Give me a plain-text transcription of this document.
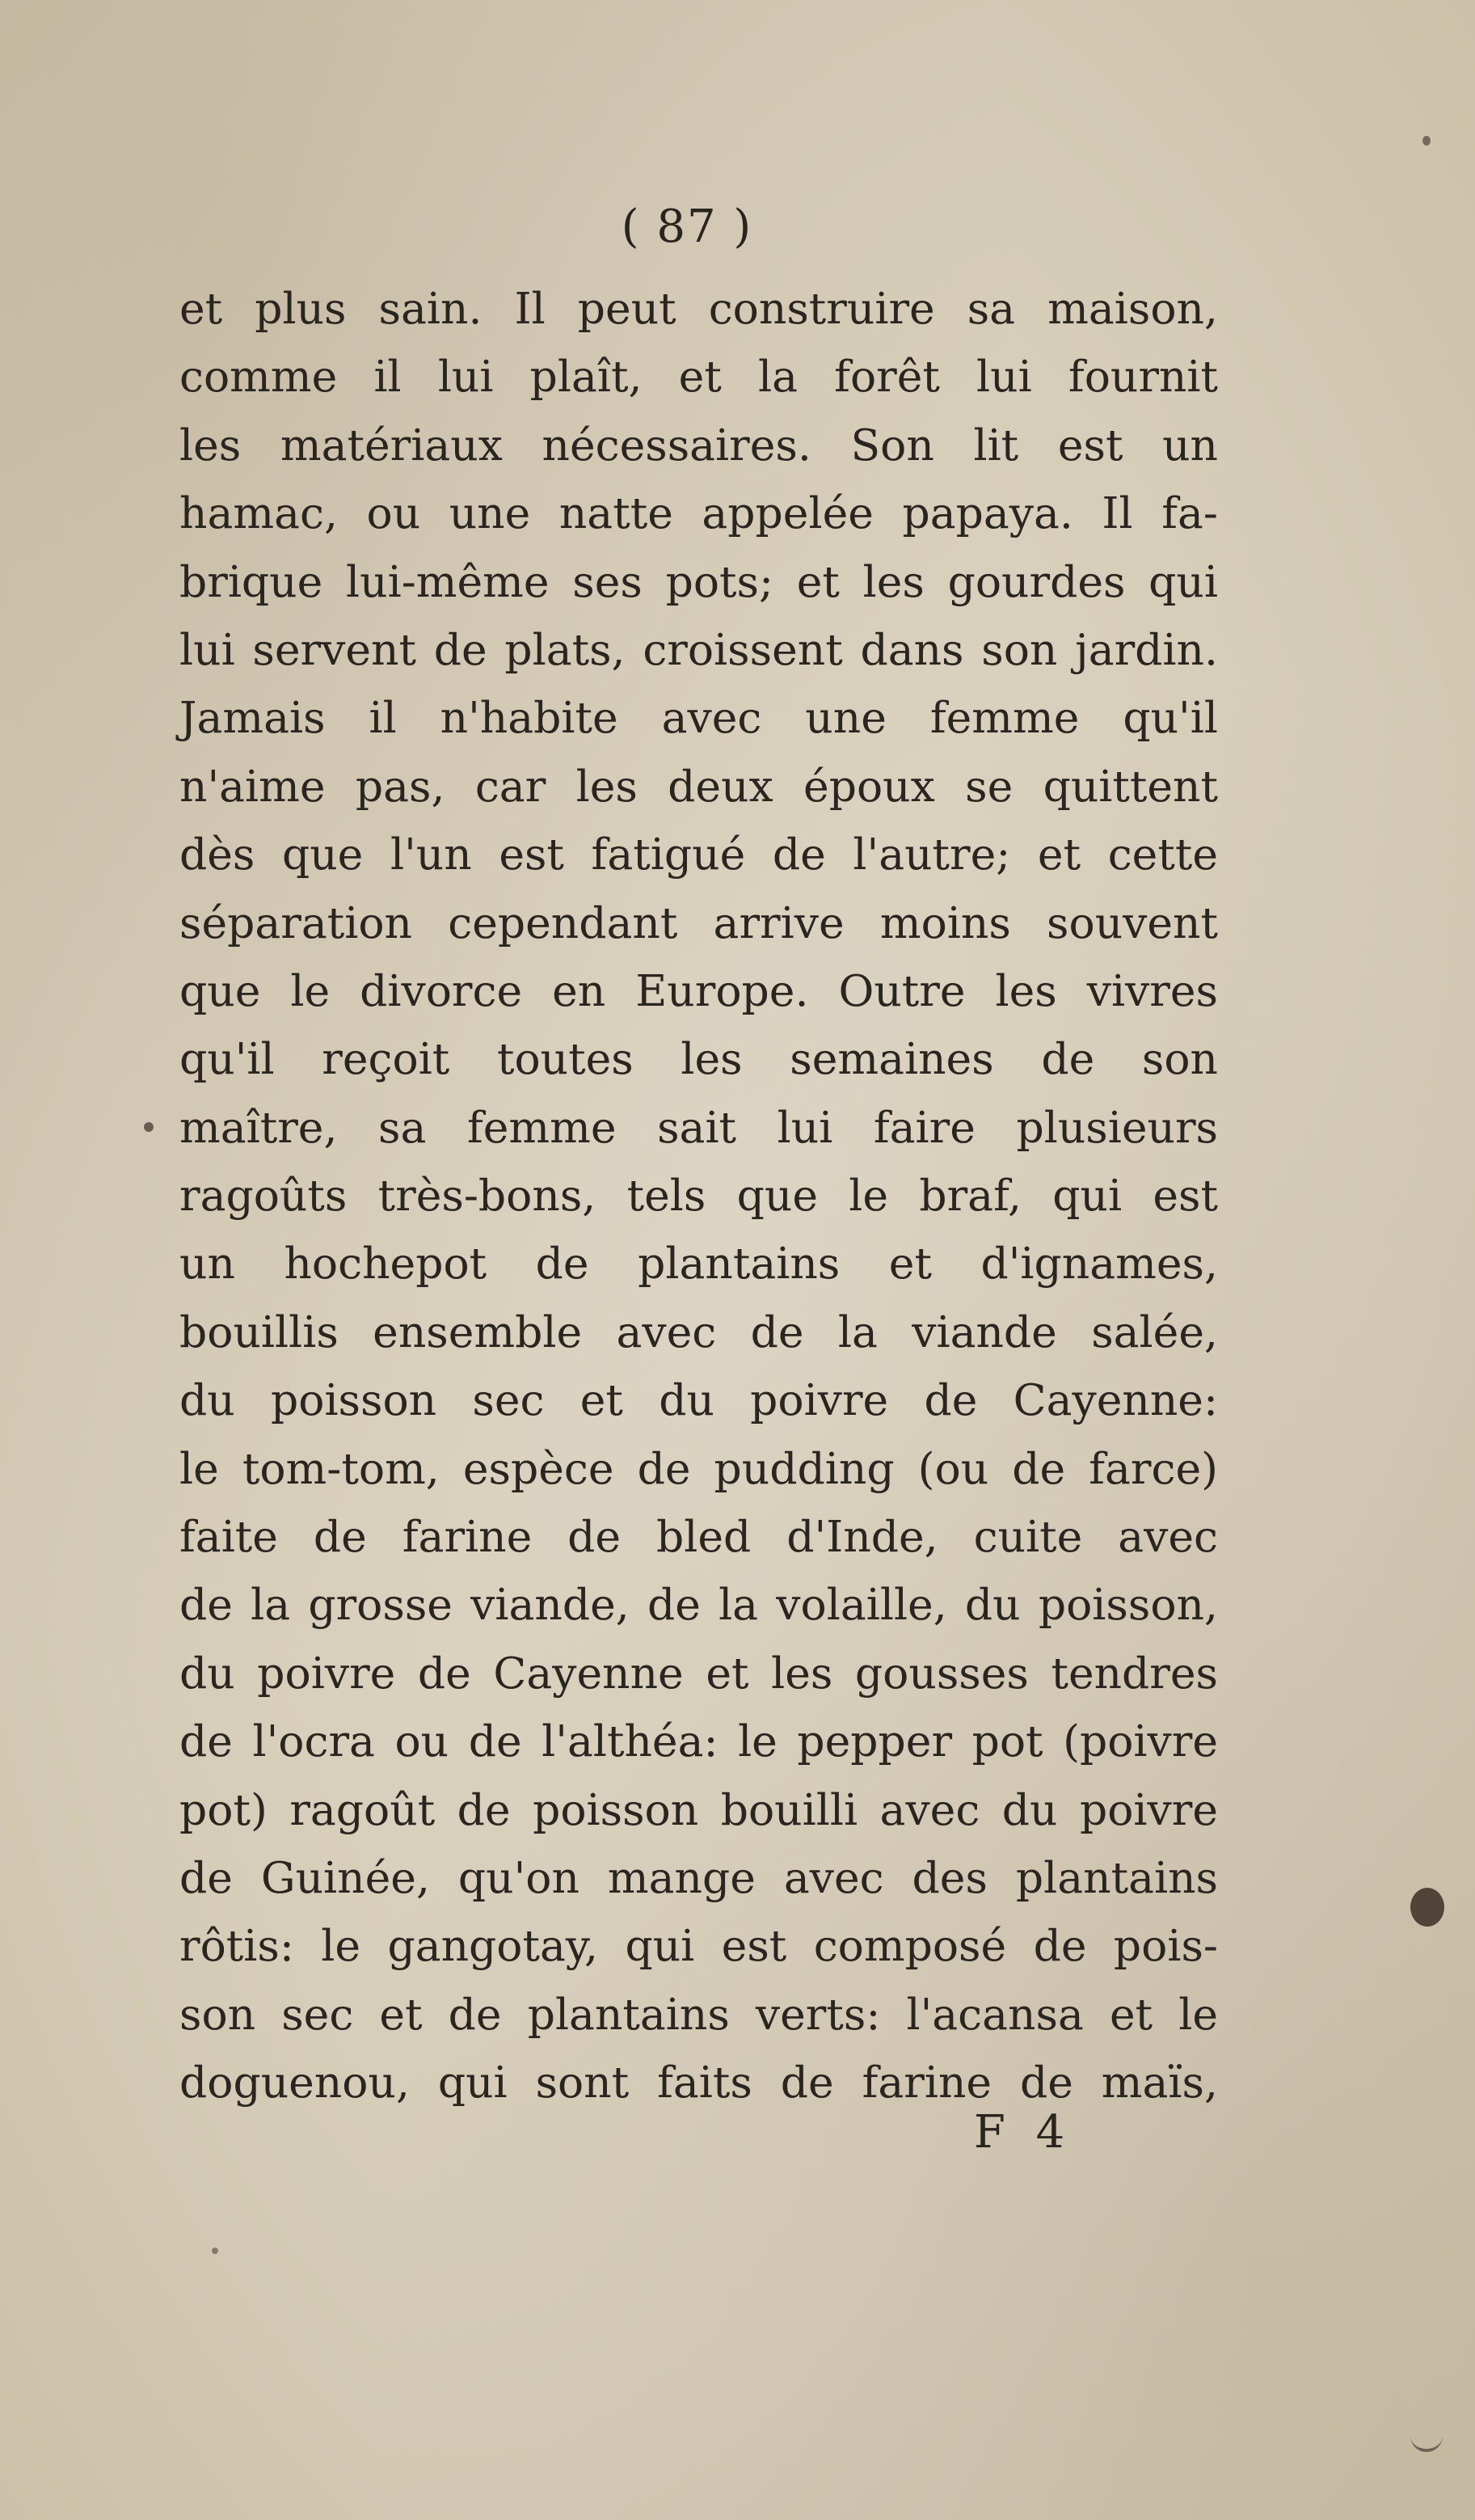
( 87 )
et plus sain. Il peut construire sa maison,
comme il lui plaît, et la forêt lui fournit
les matériaux nécessaires. Son lit est un
hamac, ou une natte appelée papaya. Il fa-
brique lui-même ses pots; et les gourdes qui
lui servent de plats, croissent dans son jardin.
Jamais il n'habite avec une femme qu'il
n'aime pas, car les deux époux se quittent
dès que l'un est fatigué de l'autre; et cette
séparation cependant arrive moins souvent
que le divorce en Europe. Outre les vivres
qu'il reçoit toutes les semaines de son
maître, sa femme sait lui faire plusieurs
ragoûts très-bons, tels que le braf, qui est
un hochepot de plantains et d'ignames,
bouillis ensemble avec de la viande salée,
du poisson sec et du poivre de Cayenne:
le tom-tom, espèce de pudding (ou de farce)
faite de farine de bled d'Inde, cuite avec
de la grosse viande, de la volaille, du poisson,
du poivre de Cayenne et les gousses tendres
de l'ocra ou de l'althéa: le pepper pot (poivre
pot) ragoût de poisson bouilli avec du poivre
de Guinée, qu'on mange avec des plantains
rôtis: le gangotay, qui est composé de pois-
son sec et de plantains verts: l'acansa et le
doguenou, qui sont faits de farine de maïs,
F 4
